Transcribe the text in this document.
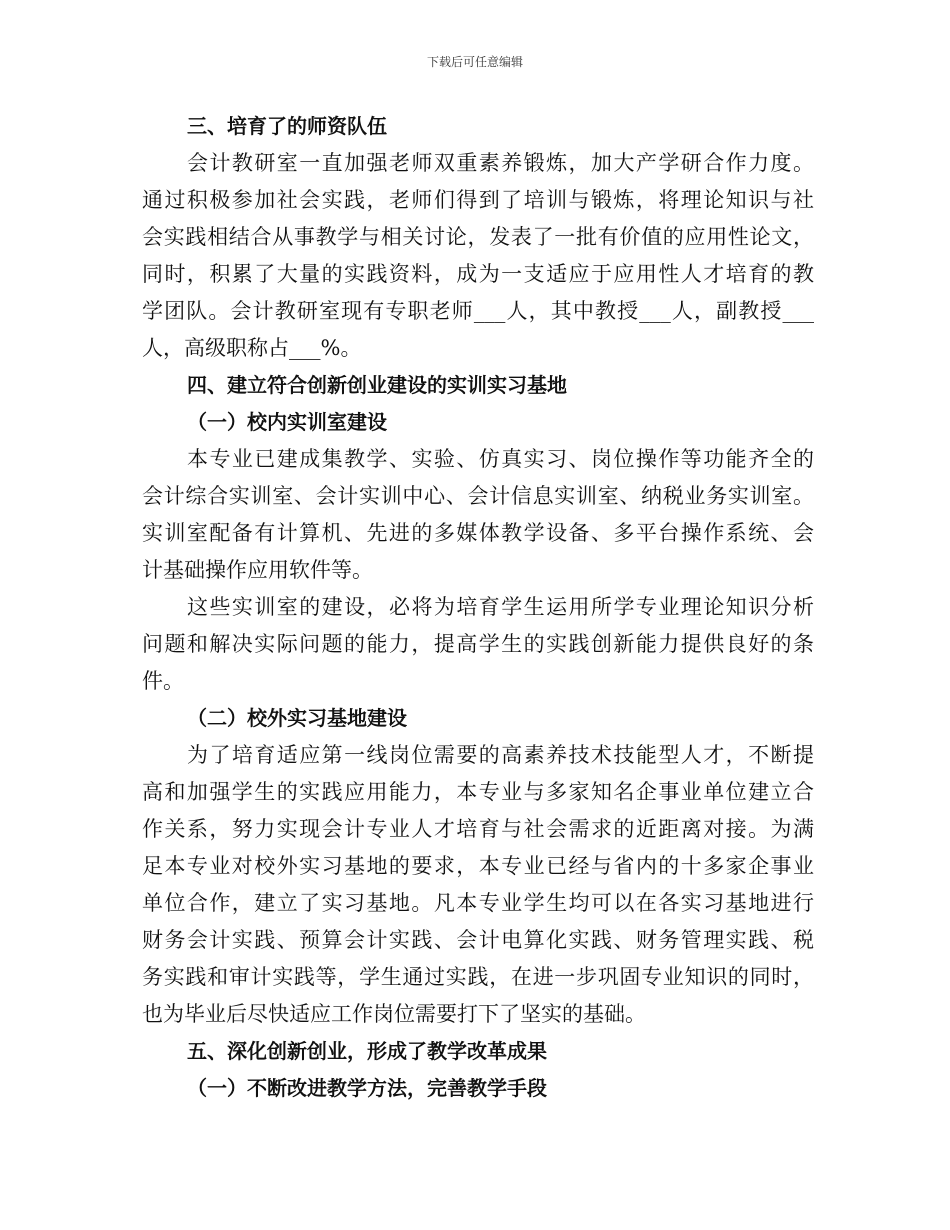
下载后可任意编辑
三、培育了的师资队伍
会计教研室一直加强老师双重素养锻炼，加大产学研合作力度。
通过积极参加社会实践，老师们得到了培训与锻炼，将理论知识与社
会实践相结合从事教学与相关讨论，发表了一批有价值的应用性论文，
同时，积累了大量的实践资料，成为一支适应于应用性人才培育的教
学团队。会计教研室现有专职老师___人，其中教授___人，副教授___
人，高级职称占___%。
四、建立符合创新创业建设的实训实习基地
（一）校内实训室建设
本专业已建成集教学、实验、仿真实习、岗位操作等功能齐全的
会计综合实训室、会计实训中心、会计信息实训室、纳税业务实训室。
实训室配备有计算机、先进的多媒体教学设备、多平台操作系统、会
计基础操作应用软件等。
这些实训室的建设，必将为培育学生运用所学专业理论知识分析
问题和解决实际问题的能力，提高学生的实践创新能力提供良好的条
件。
（二）校外实习基地建设
为了培育适应第一线岗位需要的高素养技术技能型人才，不断提
高和加强学生的实践应用能力，本专业与多家知名企事业单位建立合
作关系，努力实现会计专业人才培育与社会需求的近距离对接。为满
足本专业对校外实习基地的要求，本专业已经与省内的十多家企事业
单位合作，建立了实习基地。凡本专业学生均可以在各实习基地进行
财务会计实践、预算会计实践、会计电算化实践、财务管理实践、税
务实践和审计实践等，学生通过实践，在进一步巩固专业知识的同时，
也为毕业后尽快适应工作岗位需要打下了坚实的基础。
五、深化创新创业，形成了教学改革成果
（一）不断改进教学方法，完善教学手段
